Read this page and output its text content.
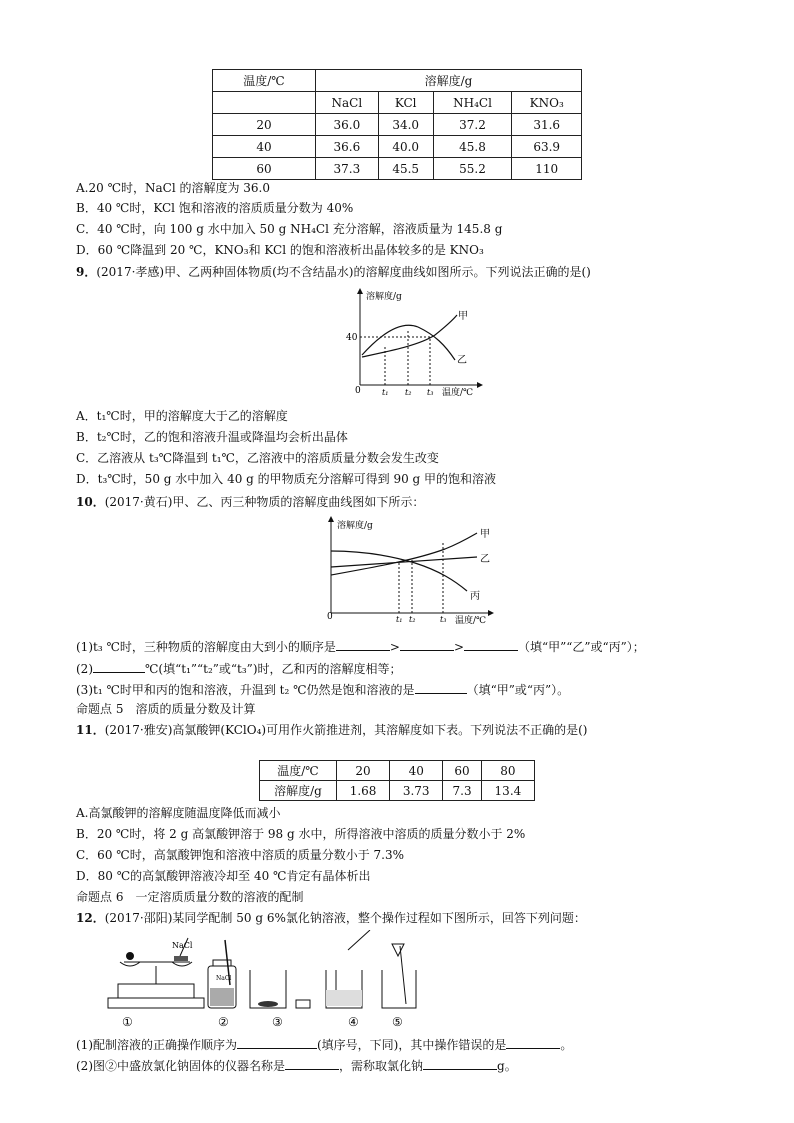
温度/℃	溶解度/g			
	NaCl	KCl	NH₄Cl	KNO₃
20	36.0	34.0	37.2	31.6
40	36.6	40.0	45.8	63.9
60	37.3	45.5	55.2	110
A.20 ℃时，NaCl 的溶解度为 36.0
B．40 ℃时，KCl 饱和溶液的溶质质量分数为 40%
C．40 ℃时，向 100 g 水中加入 50 g NH₄Cl 充分溶解，溶液质量为 145.8 g
D．60 ℃降温到 20 ℃，KNO₃和 KCl 的饱和溶液析出晶体较多的是 KNO₃
9．(2017·孝感)甲、乙两种固体物质(均不含结晶水)的溶解度曲线如图所示。下列说法正确的是()
溶解度/g
温度/℃
0
40
t₁ t₂ t₃
甲
乙
A．t₁℃时，甲的溶解度大于乙的溶解度
B．t₂℃时，乙的饱和溶液升温或降温均会析出晶体
C．乙溶液从 t₃℃降温到 t₁℃，乙溶液中的溶质质量分数会发生改变
D．t₃℃时，50 g 水中加入 40 g 的甲物质充分溶解可得到 90 g 甲的饱和溶液
10．(2017·黄石)甲、乙、丙三种物质的溶解度曲线图如下所示：
溶解度/g
温度/℃
0	t₁ t₂	t₃
甲
乙
丙
(1)t₃ ℃时，三种物质的溶解度由大到小的顺序是	>	>	（填“甲”“乙”或“丙”）；
(2)	℃(填“t₁”“t₂”或“t₃”)时，乙和丙的溶解度相等；
(3)t₁ ℃时甲和丙的饱和溶液，升温到 t₂ ℃仍然是饱和溶液的是	（填“甲”或“丙”）。
命题点 5　溶质的质量分数及计算
11．(2017·雅安)高氯酸钾(KClO₄)可用作火箭推进剂，其溶解度如下表。下列说法不正确的是()
温度/℃	20	40	60	80
溶解度/g	1.68	3.73	7.3	13.4
A.高氯酸钾的溶解度随温度降低而减小
B．20 ℃时，将 2 g 高氯酸钾溶于 98 g 水中，所得溶液中溶质的质量分数小于 2%
C．60 ℃时，高氯酸钾饱和溶液中溶质的质量分数小于 7.3%
D．80 ℃的高氯酸钾溶液冷却至 40 ℃肯定有晶体析出
命题点 6　一定溶质质量分数的溶液的配制
12．(2017·邵阳)某同学配制 50 g 6%氯化钠溶液，整个操作过程如下图所示，回答下列问题：
NaCl
NaCl
①	②	③	④	⑤
(1)配制溶液的正确操作顺序为	(填序号，下同)，其中操作错误的是	。
(2)图②中盛放氯化钠固体的仪器名称是	，需称取氯化钠	g。
